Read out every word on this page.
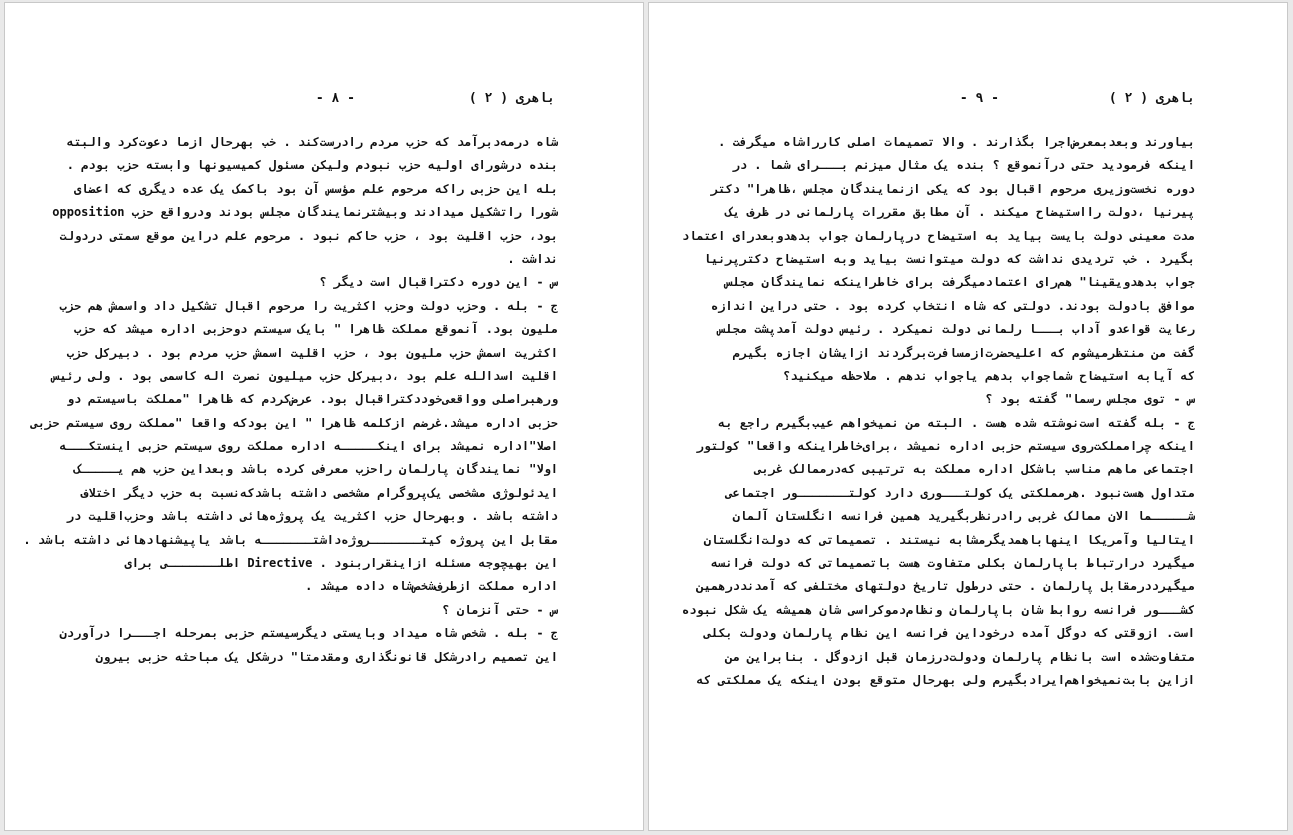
باهری ( ۲ )
- ۸ -
شاه درمه‌دبرآمد که حزب مردم رادرست‌کند . خب بهرحال ازما دعوت‌کرد والبته
بنده درشورای اولیه حزب نبودم ولیکن مسئول کمیسیونها وابسته حزب بودم .
بله این حزبی راکه مرحوم علم مؤسس آن بود باکمک یک عده دیگری که اعضای
شورا راتشکیل میدادند وبیشترنمایندگان مجلس بودند ودرواقع حزب opposition
بود، حزب اقلیت بود ، حزب حاکم نبود . مرحوم علم دراین موقع سمتی دردولت
نداشت .
س - این دوره دکتراقبال است دیگر ؟
ج - بله . وحزب دولت وحزب اکثریت را مرحوم اقبال تشکیل داد واسمش هم حزب
ملیون بود. آنموقع مملکت ظاهرا " بایک سیستم دوحزبی اداره میشد که حزب
اکثریت اسمش حزب ملیون بود ، حزب اقلیت اسمش حزب مردم بود . دبیرکل حزب
اقلیت اسدالله علم بود ،دبیرکل حزب میلیون نصرت اله کاسمی بود . ولی رئیس
ورهبراصلی وواقعی‌خوددکتراقبال بود. عرض‌کردم که ظاهرا "مملکت باسیستم دو
حزبی اداره میشد.غرضم ازکلمه ظاهرا " این بودکه واقعا "مملکت روی سیستم حزبی
اصلا"اداره نمیشد برای اینکـــــه اداره مملکت روی سیستم حزبی اینستکـــه
اولا" نمایندگان پارلمان راحزب معرفی کرده باشد وبعداین حزب هم یـــــک
ایدئولوژی مشخصی یک‌پروگرام مشخصی داشته باشدکه‌نسبت به حزب دیگر اختلاف
داشته باشد . وبهرحال حزب اکثریت یک پروژه‌هائی داشته باشد وحزب‌اقلیت در
مقابل این پروژه کیتـــــــروژه‌داشتـــــــه باشد یاپیشنهادهائی داشته باشد .
این بهیچوجه مسئله ازاینقراربنود . Directive اطلـــــــی برای
اداره مملکت ازطرف‌شخص‌شاه داده میشد .
س - حتی آنزمان ؟
ج - بله . شخص شاه میداد وبایستی دیگرسیستم حزبی بمرحله اجـــرا درآوردن
این تصمیم رادرشکل قانونگذاری ومقدمتا" درشکل یک مباحثه حزبی بیرون
باهری ( ۲ )
- ۹ -
بیاورند وبعدبمعرض‌اجرا بگذارند . والا تصمیمات اصلی کارراشاه میگرفت .
اینکه فرمودید حتی درآنموقع ؟ بنده یک مثال میزنم بـــرای شما . در
دوره نخست‌وزیری مرحوم اقبال بود که یکی ازنمایندگان مجلس ،ظاهرا" دکتر
پیرنیا ،دولت رااستیضاح میکند . آن مطابق مقررات پارلمانی در ظرف یک
مدت معینی دولت بایست بیاید به استیضاح درپارلمان جواب بدهدوبعدرای اعتماد
بگیرد . خب تردیدی نداشت که دولت میتوانست بیاید وبه استیضاح دکترپرنیا
جواب بدهدویقینا" هم‌رای اعتمادمیگرفت برای خاطراینکه نمایندگان مجلس
موافق بادولت بودند. دولتی که شاه انتخاب کرده بود . حتی دراین اندازه
رعایت قواعدو آداب بـــا رلمانی دولت نمیکرد . رئیس دولت آمدپشت مجلس
گفت من منتظرمیشوم که اعلیحضرت‌ازمسافرت‌برگردند ازایشان اجازه بگیرم
که آیابه استیضاح شماجواب بدهم یاجواب ندهم . ملاحظه میکنید؟
س - توی مجلس رسما" گفته بود ؟
ج - بله گفته است‌نوشته شده هست . البته من نمیخواهم عیب‌بگیرم راجع به
اینکه چرامملکت‌روی سیستم حزبی اداره نمیشد ،برای‌خاطراینکه واقعا" کولتور
اجتماعی ماهم مناسب باشکل اداره مملکت به ترتیبی که‌درممالک غربی
متداول هست‌نبود .هرمملکتی یک کولتـــوری دارد کولتـــــــور اجتماعی
شـــــما الان ممالک غربی رادرنظربگیرید همین فرانسه انگلستان آلمان
ایتالیا وآمریکا اینهاباهمدیگرمشابه نیستند . تصمیماتی که دولت‌انگلستان
میگیرد درارتباط باپارلمان بکلی متفاوت هست باتصمیماتی که دولت فرانسه
میگیرددرمقابل پارلمان . حتی درطول تاریخ دولتهای مختلفی که آمدنددرهمین
کشـــور فرانسه روابط شان باپارلمان ونظام‌دموکراسی شان همیشه یک شکل نبوده
است. ازوقتی که دوگل آمده درخوداین فرانسه این نظام پارلمان ودولت بکلی
متفاوت‌شده است بانظام پارلمان ودولت‌درزمان قبل ازدوگل . بنابراین من
ازاین بابت‌نمیخواهم‌ایرادبگیرم ولی بهرحال متوقع بودن اینکه یک مملکتی که
